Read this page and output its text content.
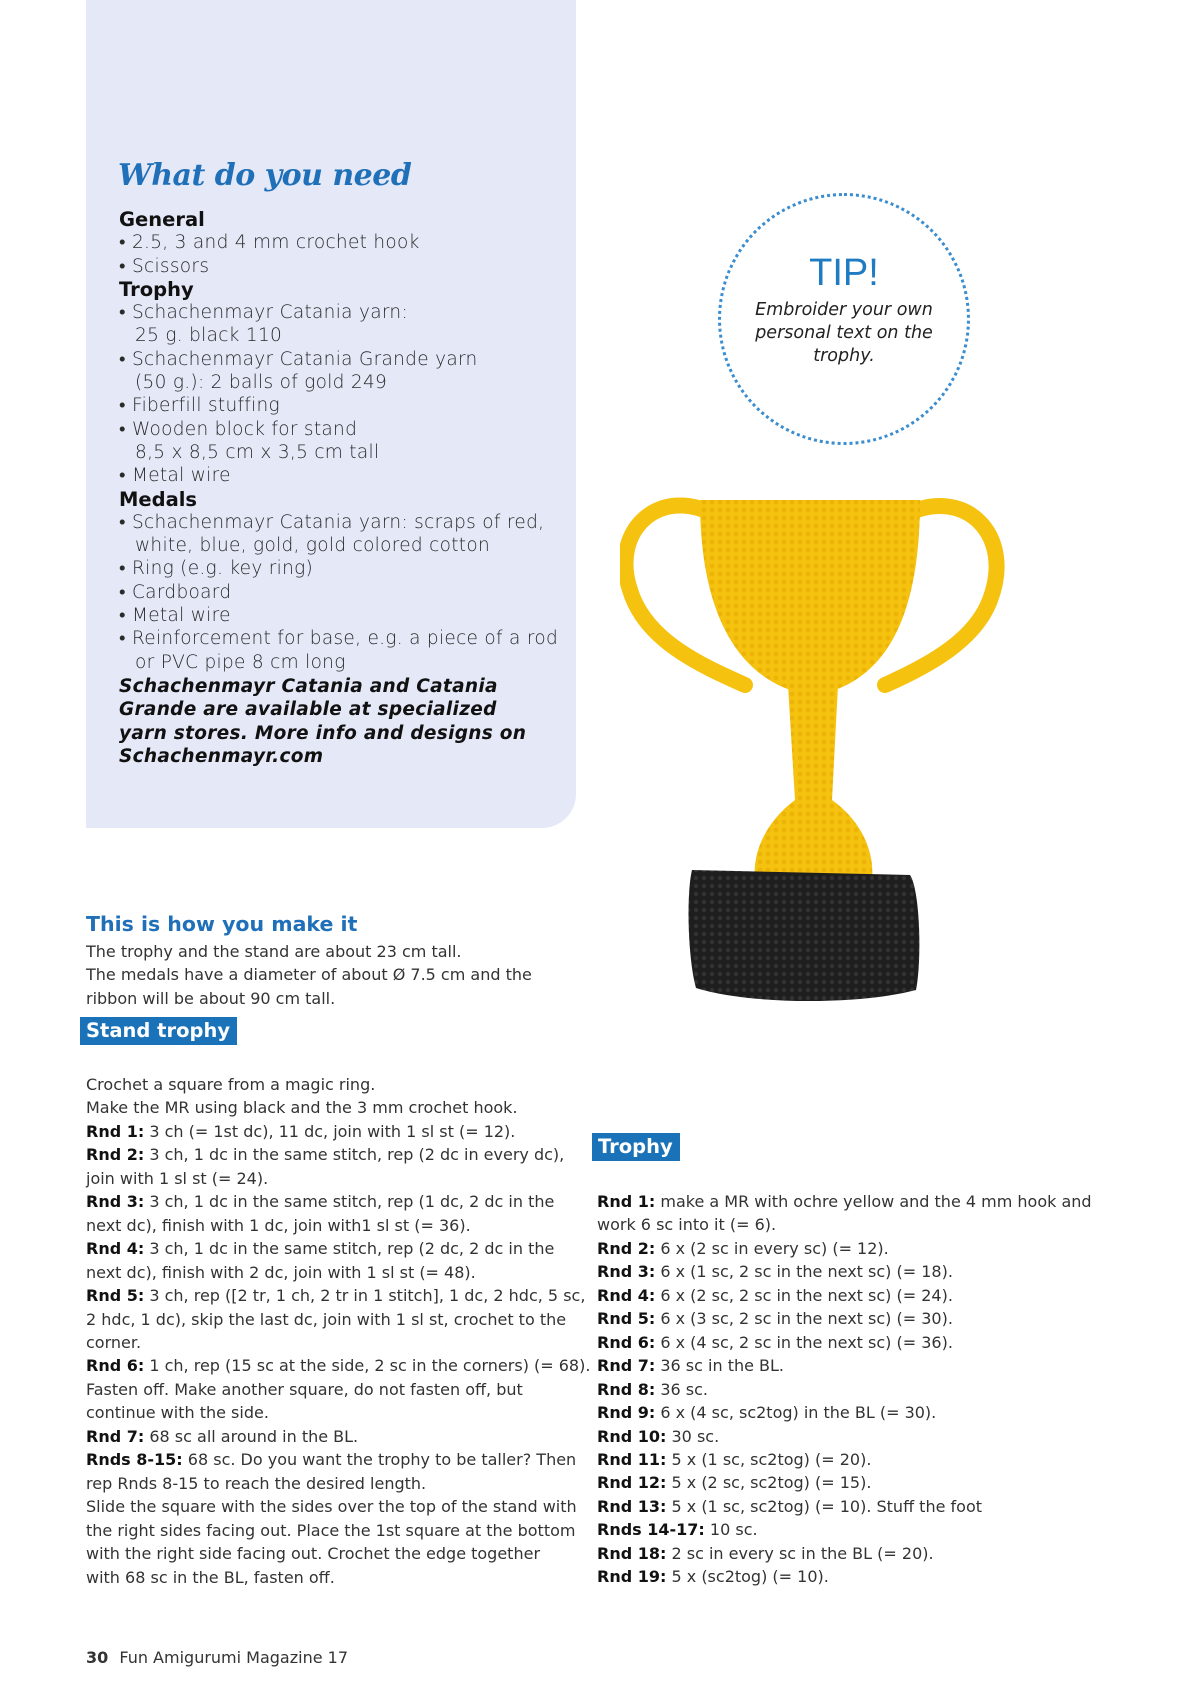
What do you need
General
• 2.5, 3 and 4 mm crochet hook
• Scissors
Trophy
• Schachenmayr Catania yarn:
25 g. black 110
• Schachenmayr Catania Grande yarn
(50 g.): 2 balls of gold 249
• Fiberfill stuffing
• Wooden block for stand
8,5 x 8,5 cm x 3,5 cm tall
• Metal wire
Medals
• Schachenmayr Catania yarn: scraps of red,
white, blue, gold, gold colored cotton
• Ring (e.g. key ring)
• Cardboard
• Metal wire
• Reinforcement for base, e.g. a piece of a rod
or PVC pipe 8 cm long
Schachenmayr Catania and Catania
Grande are available at specialized
yarn stores. More info and designs on
Schachenmayr.com
TIP!
Embroider your own personal text on the trophy.
This is how you make it
The trophy and the stand are about 23 cm tall.
The medals have a diameter of about Ø 7.5 cm and the
ribbon will be about 90 cm tall.
Stand trophy
Crochet a square from a magic ring.
Make the MR using black and the 3 mm crochet hook.
Rnd 1: 3 ch (= 1st dc), 11 dc, join with 1 sl st (= 12).
Rnd 2: 3 ch, 1 dc in the same stitch, rep (2 dc in every dc),
join with 1 sl st (= 24).
Rnd 3: 3 ch, 1 dc in the same stitch, rep (1 dc, 2 dc in the
next dc), finish with 1 dc, join with1 sl st (= 36).
Rnd 4: 3 ch, 1 dc in the same stitch, rep (2 dc, 2 dc in the
next dc), finish with 2 dc, join with 1 sl st (= 48).
Rnd 5: 3 ch, rep ([2 tr, 1 ch, 2 tr in 1 stitch], 1 dc, 2 hdc, 5 sc,
2 hdc, 1 dc), skip the last dc, join with 1 sl st, crochet to the
corner.
Rnd 6: 1 ch, rep (15 sc at the side, 2 sc in the corners) (= 68).
Fasten off. Make another square, do not fasten off, but
continue with the side.
Rnd 7: 68 sc all around in the BL.
Rnds 8-15: 68 sc. Do you want the trophy to be taller? Then
rep Rnds 8-15 to reach the desired length.
Slide the square with the sides over the top of the stand with
the right sides facing out. Place the 1st square at the bottom
with the right side facing out. Crochet the edge together
with 68 sc in the BL, fasten off.
Trophy
Rnd 1: make a MR with ochre yellow and the 4 mm hook and
work 6 sc into it (= 6).
Rnd 2: 6 x (2 sc in every sc) (= 12).
Rnd 3: 6 x (1 sc, 2 sc in the next sc) (= 18).
Rnd 4: 6 x (2 sc, 2 sc in the next sc) (= 24).
Rnd 5: 6 x (3 sc, 2 sc in the next sc) (= 30).
Rnd 6: 6 x (4 sc, 2 sc in the next sc) (= 36).
Rnd 7: 36 sc in the BL.
Rnd 8: 36 sc.
Rnd 9: 6 x (4 sc, sc2tog) in the BL (= 30).
Rnd 10: 30 sc.
Rnd 11: 5 x (1 sc, sc2tog) (= 20).
Rnd 12: 5 x (2 sc, sc2tog) (= 15).
Rnd 13: 5 x (1 sc, sc2tog) (= 10). Stuff the foot
Rnds 14-17: 10 sc.
Rnd 18: 2 sc in every sc in the BL (= 20).
Rnd 19: 5 x (sc2tog) (= 10).
30 Fun Amigurumi Magazine 17
